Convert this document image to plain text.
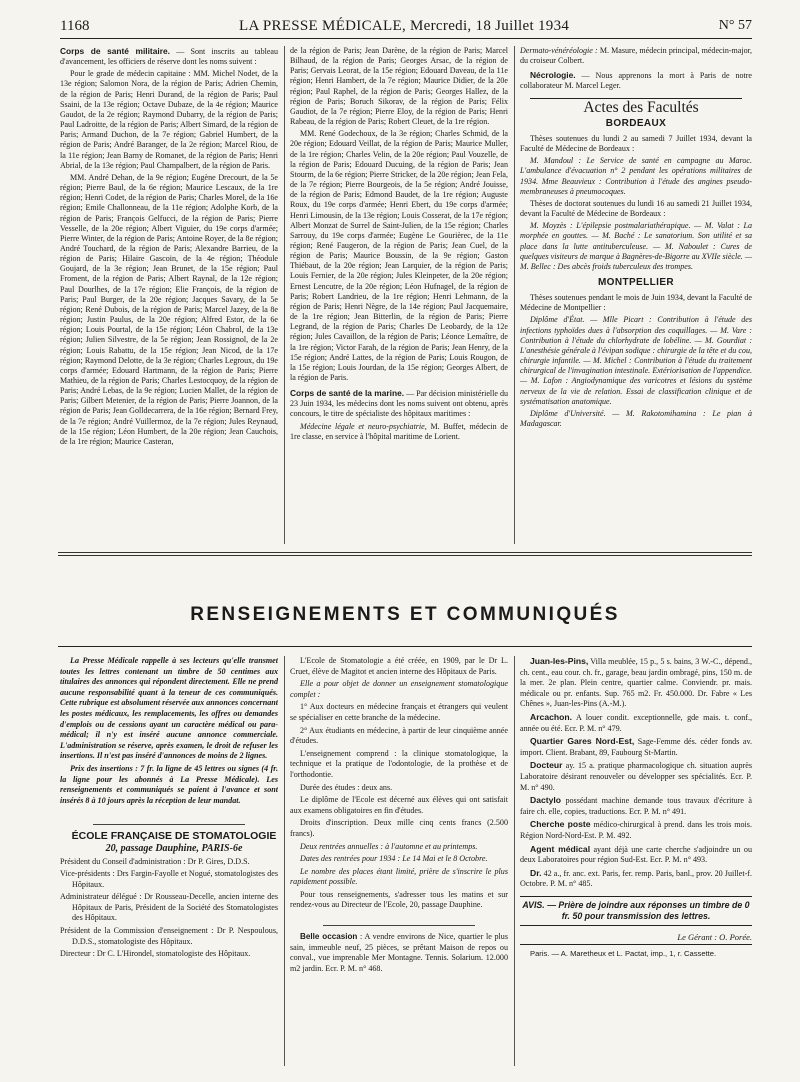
1168	LA PRESSE MÉDICALE, Mercredi, 18 Juillet 1934	N° 57

Corps de santé militaire. — Sont inscrits au tableau d'avancement, les officiers de réserve dont les noms suivent :

Pour le grade de médecin capitaine : MM. Michel Nodet, de la 13e région; Salomon Nora, de la région de Paris; Adrien Chemin, de la région de Paris; Henri Durand, de la région de Paris; Paul Ssaini, de la 13e région; Octave Dubaze, de la 4e région; Maurice Gaudot, de la 2e région; Raymond Dubarry, de la région de Paris; Paul Ladroitte, de la région de Paris; Albert Simard, de la région de Paris; Armand Duchon, de la 7e région; Gabriel Humbert, de la région de Paris; André Baranger, de la 2e région; Marcel Riou, de la 11e région; Jean Barny de Romanet, de la région de Paris; Henri Abrial, de la 13e région; Paul Champalbert, de la région de Paris.

MM. André Dehan, de la 9e région; Eugène Drecourt, de la 5e région; Pierre Baul, de la 6e région; Maurice Lescaux, de la 1re région; Henri Codet, de la région de Paris; Charles Morel, de la 16e région; Emile Challonneau, de la 11e région; Adolphe Korb, de la région de Paris; François Gelfucci, de la région de Paris; Pierre Vesselle, de la 20e région; Albert Viguier, du 19e corps d'armée; Pierre Winter, de la région de Paris; Antoine Royer, de la 8e région; André Touchard, de la région de Paris; Alexandre Barrieu, de la région de Paris; Hilaire Gascoin, de la 4e région; Théodule Goujard, de la 3e région; Jean Brunet, de la 15e région; Paul Froment, de la région de Paris; Albert Raynal, de la 12e région; Paul Dourlhes, de la 17e région; Elie François, de la région de Paris; Paul Burger, de la 20e région; Jacques Savary, de la 5e région; René Dubois, de la région de Paris; Marcel Jazey, de la 8e région; Justin Paulus, de la 20e région; Alfred Estor, de la 6e région; Louis Pourtal, de la 15e région; Léon Chabrol, de la 13e région; Julien Silvestre, de la 5e région; Jean Rossignol, de la 2e région; Louis Rabattu, de la 15e région; Jean Nicod, de la 17e région; Raymond Delotte, de la 3e région; Charles Legroux, du 19e corps d'armée; Edouard Hartmann, de la région de Paris; Pierre Mathieu, de la région de Paris; Charles Lestocquoy, de la région de Paris; André Lebas, de la 9e région; Lucien Mallet, de la région de Paris; Gilbert Metenier, de la région de Paris; Pierre Joannon, de la région de Paris; Jean Golldecarrera, de la 16e région; Bernard Frey, de la 7e région; André Vuillermoz, de la 7e région; Jules Reynaud, de la 15e région; Léon Humbert, de la 20e région; Jean Cauchois, de la 1re région; Maurice Casteran,

de la région de Paris; Jean Darène, de la région de Paris; Marcel Bilhaud, de la région de Paris; Georges Arsac, de la région de Paris; Gervais Leorat, de la 15e région; Edouard Daveau, de la 11e région; Henri Hambert, de la 7e région; Maurice Didier, de la 20e région; Paul Raphel, de la région de Paris; Georges Hallez, de la région de Paris; Boruch Sikorav, de la région de Paris; Félix Gaudiot, de la 7e région; Pierre Eloy, de la région de Paris; Henri Rabeau, de la région de Paris; Robert Cleuet, de la 1re région.

MM. René Godechoux, de la 3e région; Charles Schmid, de la 20e région; Edouard Veillat, de la région de Paris; Maurice Muller, de la 1re région; Charles Velin, de la 20e région; Paul Vouzelle, de la région de Paris; Edouard Ducuing, de la région de Paris; Jean Stourm, de la 6e région; Pierre Stricker, de la 20e région; Jean Fela, de la 7e région; Pierre Bourgeois, de la 5e région; André Jouisse, de la région de Paris; Edmond Baudet, de la 1re région; Auguste Roux, du 19e corps d'armée; Henri Ebert, du 19e corps d'armée; Henri Limousin, de la 13e région; Louis Cosserat, de la 17e région; Albert Monzat de Surrel de Saint-Julien, de la 15e région; Charles Sarrouy, du 19e corps d'armée; Eugène Le Gourièrec, de la 11e région; René Faugeron, de la région de Paris; Jean Cuel, de la région de Paris; Maurice Boussin, de la 9e région; Gaston Thiébaut, de la 20e région; Jean Larquier, de la région de Paris; Louis Fernier, de la 20e région; Jules Kleinpeter, de la 20e région; Ernest Lencutre, de la 20e région; Léon Hufnagel, de la région de Paris; Robert Landrieu, de la 1re région; Henri Lehmann, de la région de Paris; Henri Nègre, de la 14e région; Paul Jacquemaire, de la 1re région; Jean Bitterlin, de la région de Paris; Pierre Legrand, de la région de Paris; Charles De Leobardy, de la 12e région; Jules Cavaillon, de la région de Paris; Léonce Lemaître, de la 1re région; Victor Farah, de la région de Paris; Jean Henry, de la 15e région; André Lattes, de la région de Paris; Louis Rougon, de la 15e région; Louis Jourdan, de la 15e région; Georges Albert, de la région de Paris.

Corps de santé de la marine. — Par décision ministérielle du 23 Juin 1934, les médecins dont les noms suivent ont obtenu, après concours, le titre de spécialiste des hôpitaux maritimes :

Médecine légale et neuro-psychiatrie, M. Buffet, médecin de 1re classe, en service à l'hôpital maritime de Lorient.

Dermato-vénéréologie : M. Masure, médecin principal, médecin-major, du croiseur Colbert.

Nécrologie. — Nous apprenons la mort à Paris de notre collaborateur M. Marcel Leger.

Actes des Facultés

BORDEAUX

Thèses soutenues du lundi 2 au samedi 7 Juillet 1934, devant la Faculté de Médecine de Bordeaux :

M. Mandoul : Le Service de santé en campagne au Maroc. L'ambulance d'évacuation n° 2 pendant les opérations militaires de 1934. Mme Beauvieux : Contribution à l'étude des angines pseudo-membraneuses à pneumocoques.

Thèses de doctorat soutenues du lundi 16 au samedi 21 Juillet 1934, devant la Faculté de Médecine de Bordeaux :

M. Moyzès : L'épilepsie postmalariathérapique. — M. Valat : La morphée en gouttes. — M. Baché : Le sanatorium. Son utilité et sa place dans la lutte antituberculeuse. — M. Naboulet : Cures de quelques visiteurs de marque à Bagnères-de-Bigorre au XVIIe siècle. — M. Bellec : Des abcès froids tuberculeux des trompes.

MONTPELLIER

Thèses soutenues pendant le mois de Juin 1934, devant la Faculté de Médecine de Montpellier :

Diplôme d'État. — Mlle Picart : Contribution à l'étude des infections typhoïdes dues à l'absorption des coquillages. — M. Vare : Contribution à l'étude du chlorhydrate de lobéline. — M. Gourdiat : L'anesthésie générale à l'évipan sodique : chirurgie de la tête et du cou, chirurgie infantile. — M. Michel : Contribution à l'étude du traitement chirurgical de l'invagination intestinale. Extériorisation de l'appendice. — M. Lafon : Angiodynamique des varicotres et lésions du système nerveux de la vie de relation. Essai de classification clinique et de systématisation anatomique.

Diplôme d'Université. — M. Rakotomihamina : Le pian à Madagascar.

RENSEIGNEMENTS ET COMMUNIQUÉS

La Presse Médicale rappelle à ses lecteurs qu'elle transmet toutes les lettres contenant un timbre de 50 centimes aux titulaires des annonces qui répondent directement. Elle ne prend aucune responsabilité quant à la teneur de ces communiqués. Cette rubrique est absolument réservée aux annonces concernant les postes médicaux, les remplacements, les offres ou demandes d'emplois ou de cessions ayant un caractère médical ou para-médical; il n'y est inséré aucune annonce commerciale. L'administration se réserve, après examen, le droit de refuser les insertions. Il n'est pas inséré d'annonces de moins de 2 lignes.

Prix des insertions : 7 fr. la ligne de 45 lettres ou signes (4 fr. la ligne pour les abonnés à La Presse Médicale). Les renseignements et communiqués se paient à l'avance et sont insérés 8 à 10 jours après la réception de leur mandat.

ÉCOLE FRANÇAISE DE STOMATOLOGIE

20, passage Dauphine, PARIS-6e

Président du Conseil d'administration : Dr P. Gires, D.D.S.

Vice-présidents : Drs Fargin-Fayolle et Nogué, stomatologistes des Hôpitaux.

Administrateur délégué : Dr Rousseau-Decelle, ancien interne des Hôpitaux de Paris, Président de la Société des Stomatologistes des Hôpitaux.

Président de la Commission d'enseignement : Dr P. Nespoulous, D.D.S., stomatologiste des Hôpitaux.

Directeur : Dr C. L'Hirondel, stomatologiste des Hôpitaux.

L'Ecole de Stomatologie a été créée, en 1909, par le Dr L. Cruet, élève de Magitot et ancien interne des Hôpitaux de Paris.

Elle a pour objet de donner un enseignement stomatologique complet :

1° Aux docteurs en médecine français et étrangers qui veulent se spécialiser en cette branche de la médecine.

2° Aux étudiants en médecine, à partir de leur cinquième année d'études.

L'enseignement comprend : la clinique stomatologique, la technique et la pratique de l'odontologie, de la prothèse et de l'orthodontie.

Durée des études : deux ans.

Le diplôme de l'Ecole est décerné aux élèves qui ont satisfait aux examens obligatoires en fin d'études.

Droits d'inscription. Deux mille cinq cents francs (2.500 francs).

Deux rentrées annuelles : à l'automne et au printemps.

Dates des rentrées pour 1934 : Le 14 Mai et le 8 Octobre.

Le nombre des places étant limité, prière de s'inscrire le plus rapidement possible.

Pour tous renseignements, s'adresser tous les matins et sur rendez-vous au Directeur de l'Ecole, 20, passage Dauphine.

Belle occasion : A vendre environs de Nice, quartier le plus sain, immeuble neuf, 25 pièces, se prêtant Maison de repos ou conval., vue imprenable Mer Montagne. Tennis. Solarium. 12.000 m2 jardin. Ecr. P. M. n° 468.

Juan-les-Pins, Villa meublée, 15 p., 5 s. bains, 3 W.-C., dépend., ch. cent., eau cour. ch. fr., garage, beau jardin ombragé, pins, 150 m. de la mer. 2e plan. Plein centre, quartier calme. Conviendr. pr. mais. médicale ou pr. enfants. Sup. 765 m2. Fr. 450.000. Dr. Fabre « Les Chênes », Juan-les-Pins (A.-M.).

Arcachon. A louer condit. exceptionnelle, gde mais. t. conf., année ou été. Ecr. P. M. n° 479.

Quartier Gares Nord-Est, Sage-Femme dés. céder fonds av. import. Client. Brabant, 89, Faubourg St-Martin.

Docteur ay. 15 a. pratique pharmacologique ch. situation auprès Laboratoire désirant renouveler ou développer ses spécialités. Ecr. P. M. n° 490.

Dactylo possédant machine demande tous travaux d'écriture à faire ch. elle, copies, traductions. Ecr. P. M. n° 491.

Cherche poste médico-chirurgical à prend. dans les trois mois. Région Nord-Nord-Est. P. M. 492.

Agent médical ayant déjà une carte cherche s'adjoindre un ou deux Laboratoires pour région Sud-Est. Ecr. P. M. n° 493.

Dr. 42 a., fr. anc. ext. Paris, fer. remp. Paris, banl., prov. 20 Juillet-f. Octobre. P. M. n° 485.

AVIS. — Prière de joindre aux réponses un timbre de 0 fr. 50 pour transmission des lettres.

Le Gérant : O. Porée.

Paris. — A. Maretheux et L. Pactat, imp., 1, r. Cassette.
